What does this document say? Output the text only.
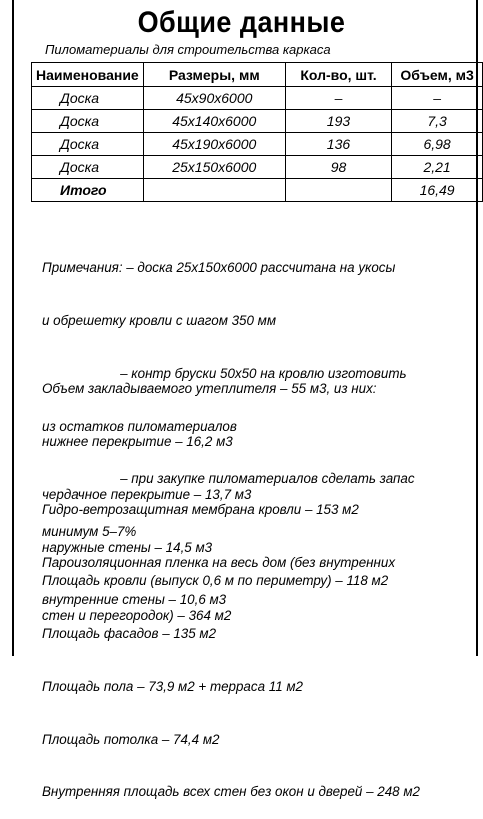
Общие данные
Пиломатериалы для строительства каркаса
Наименование	Размеры, мм	Кол-во, шт.	Объем, м3
Доска	45х90х6000	–	–
Доска	45х140х6000	193	7,3
Доска	45х190х6000	136	6,98
Доска	25х150х6000	98	2,21
Итого			16,49

Примечания: – доска 25х150х6000 рассчитана на укосы

и обрешетку кровли с шагом 350 мм

– контр бруски 50х50 на кровлю изготовить

из остатков пиломатериалов

– при закупке пиломатериалов сделать запас

минимум 5–7%

Объем закладываемого утеплителя – 55 м3, из них:

нижнее перекрытие – 16,2 м3

чердачное перекрытие – 13,7 м3

наружные стены – 14,5 м3

внутренние стены – 10,6 м3

Гидро-ветрозащитная мембрана кровли – 153 м2

Пароизоляционная пленка на весь дом (без внутренних

стен и перегородок) – 364 м2

Площадь кровли (выпуск 0,6 м по периметру) – 118 м2

Площадь фасадов – 135 м2

Площадь пола – 73,9 м2 + терраса 11 м2

Площадь потолка – 74,4 м2

Внутренняя площадь всех стен без окон и дверей – 248 м2
